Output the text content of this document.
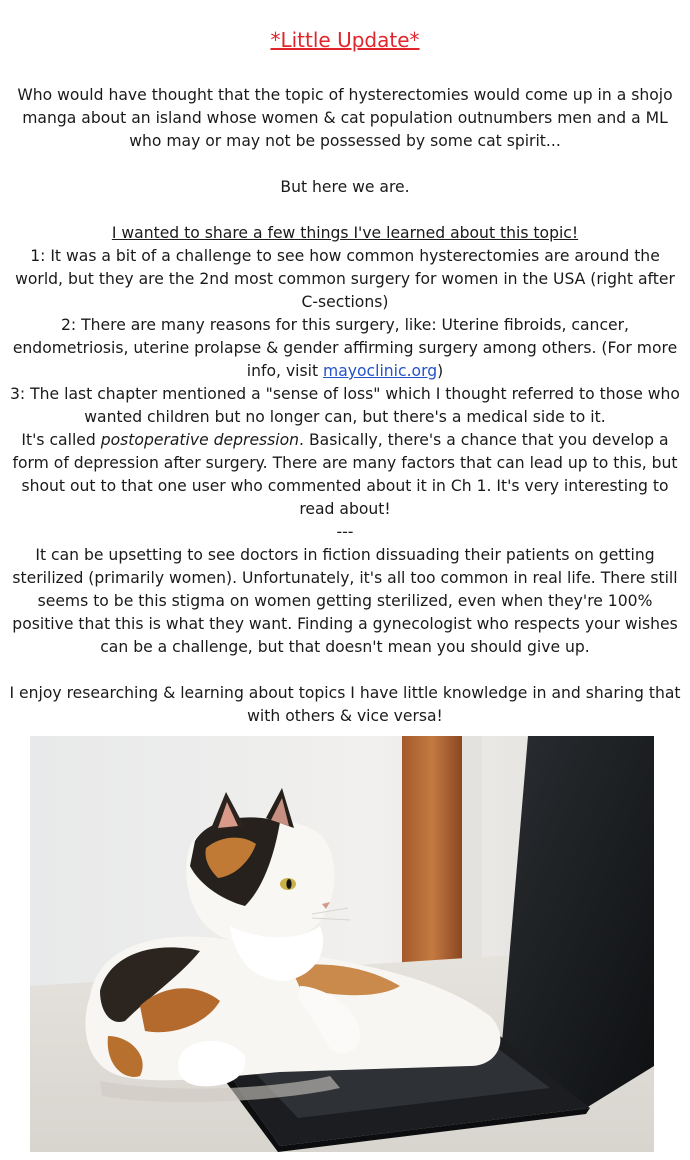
*Little Update*

Who would have thought that the topic of hysterectomies would come up in a shojo manga about an island whose women & cat population outnumbers men and a ML who may or may not be possessed by some cat spirit...

But here we are.

I wanted to share a few things I've learned about this topic!

1: It was a bit of a challenge to see how common hysterectomies are around the world, but they are the 2nd most common surgery for women in the USA (right after C-sections)

2: There are many reasons for this surgery, like: Uterine fibroids, cancer, endometriosis, uterine prolapse & gender affirming surgery among others. (For more info, visit mayoclinic.org)

3: The last chapter mentioned a "sense of loss" which I thought referred to those who wanted children but no longer can, but there's a medical side to it.

It's called postoperative depression. Basically, there's a chance that you develop a form of depression after surgery. There are many factors that can lead up to this, but shout out to that one user who commented about it in Ch 1. It's very interesting to read about!

---

It can be upsetting to see doctors in fiction dissuading their patients on getting sterilized (primarily women). Unfortunately, it's all too common in real life. There still seems to be this stigma on women getting sterilized, even when they're 100% positive that this is what they want. Finding a gynecologist who respects your wishes can be a challenge, but that doesn't mean you should give up.

I enjoy researching & learning about topics I have little knowledge in and sharing that with others & vice versa!
